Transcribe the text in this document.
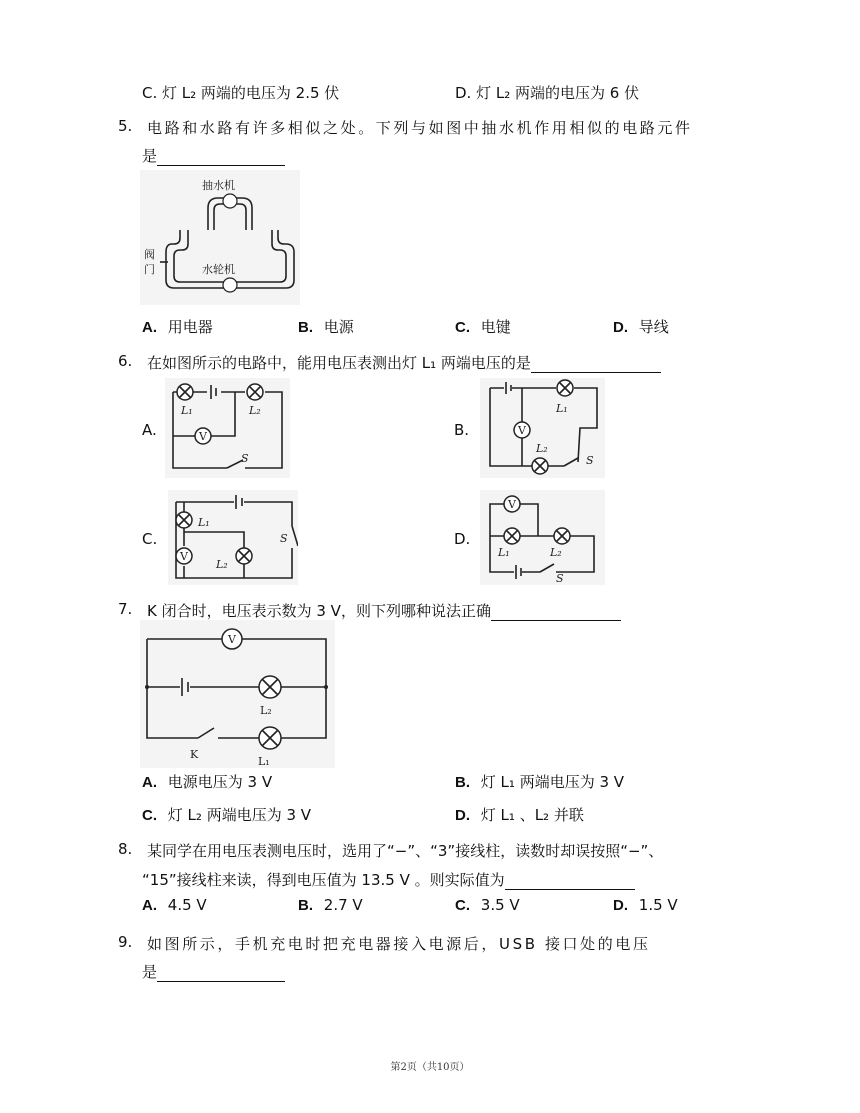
C. 灯 L₂ 两端的电压为 2.5 伏	D. 灯 L₂ 两端的电压为 6 伏
5. 电路和水路有许多相似之处。下列与如图中抽水机作用相似的电路元件
是
抽水机
水轮机
阀
门
A. 用电器	B. 电源	C. 电键	D. 导线
6. 在如图所示的电路中，能用电压表测出灯 L₁ 两端电压的是
A.	B.
C.	D.
V
L₁	L₂
S
V
L₁
L₂
S
V
L₁
L₂
S
V
L₁	L₂
S
7. K 闭合时，电压表示数为 3 V，则下列哪种说法正确
V
L₂
K
L₁
A. 电源电压为 3 V	B. 灯 L₁ 两端电压为 3 V
C. 灯 L₂ 两端电压为 3 V	D. 灯 L₁ 、L₂ 并联
8. 某同学在用电压表测电压时，选用了“−”、“3”接线柱，读数时却误按照“−”、
“15”接线柱来读，得到电压值为 13.5 V 。则实际值为
A. 4.5 V	B. 2.7 V	C. 3.5 V	D. 1.5 V
9. 如图所示，手机充电时把充电器接入电源后，USB 接口处的电压
是
第2页（共10页）
